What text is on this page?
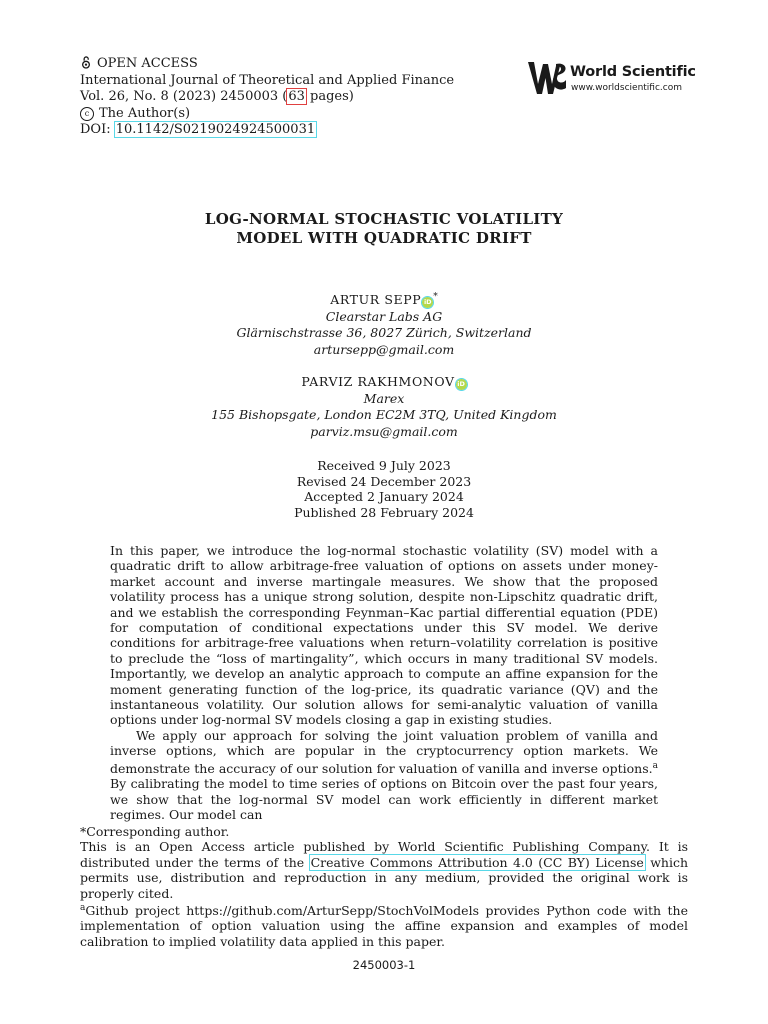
OPEN ACCESS
International Journal of Theoretical and Applied Finance
Vol. 26, No. 8 (2023) 2450003 (63 pages)
c The Author(s)
DOI: 10.1142/S0219024924500031
World Scientific
www.worldscientific.com
LOG-NORMAL STOCHASTIC VOLATILITY
MODEL WITH QUADRATIC DRIFT
ARTUR SEPP iD *
Clearstar Labs AG
Glärnischstrasse 36, 8027 Zürich, Switzerland
artursepp@gmail.com
PARVIZ RAKHMONOV iD
Marex
155 Bishopsgate, London EC2M 3TQ, United Kingdom
parviz.msu@gmail.com
Received 9 July 2023
Revised 24 December 2023
Accepted 2 January 2024
Published 28 February 2024

In this paper, we introduce the log-normal stochastic volatility (SV) model with a quadratic drift to allow arbitrage-free valuation of options on assets under money-market account and inverse martingale measures. We show that the proposed volatility process has a unique strong solution, despite non-Lipschitz quadratic drift, and we establish the corresponding Feynman–Kac partial differential equation (PDE) for computation of conditional expectations under this SV model. We derive conditions for arbitrage-free valuations when return–volatility correlation is positive to preclude the “loss of martingality”, which occurs in many traditional SV models. Importantly, we develop an analytic approach to compute an affine expansion for the moment generating function of the log-price, its quadratic variance (QV) and the instantaneous volatility. Our solution allows for semi-analytic valuation of vanilla options under log-normal SV models closing a gap in existing studies.

We apply our approach for solving the joint valuation problem of vanilla and inverse options, which are popular in the cryptocurrency option markets. We demonstrate the accuracy of our solution for valuation of vanilla and inverse options.$^a$ By calibrating the model to time series of options on Bitcoin over the past four years, we show that the log-normal SV model can work efficiently in different market regimes. Our model can

*Corresponding author.

This is an Open Access article published by World Scientific Publishing Company. It is distributed under the terms of the Creative Commons Attribution 4.0 (CC BY) License which permits use, distribution and reproduction in any medium, provided the original work is properly cited.

$^a$Github project https://github.com/ArturSepp/StochVolModels provides Python code with the implementation of option valuation using the affine expansion and examples of model calibration to implied volatility data applied in this paper.

2450003-1
